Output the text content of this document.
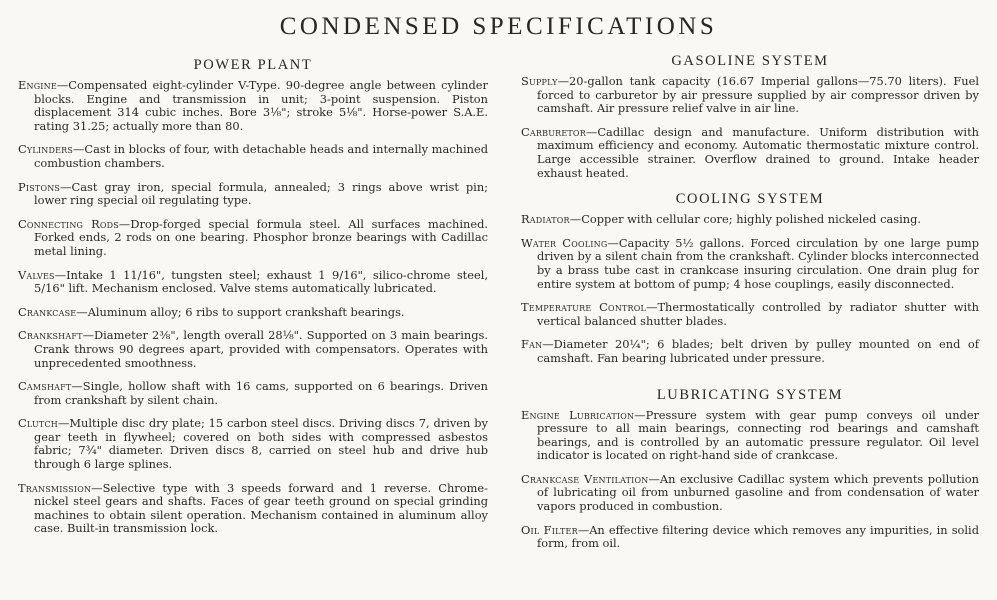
CONDENSED SPECIFICATIONS
POWER PLANT

Engine—Compensated eight-cylinder V-Type. 90-degree angle between cylinder blocks. Engine and transmission in unit; 3-point suspension. Piston displacement 314 cubic inches. Bore 3⅛"; stroke 5⅛". Horse-power S.A.E. rating 31.25; actually more than 80.

Cylinders—Cast in blocks of four, with detachable heads and internally machined combustion chambers.

Pistons—Cast gray iron, special formula, annealed; 3 rings above wrist pin; lower ring special oil regulating type.

Connecting Rods—Drop-forged special formula steel. All surfaces machined. Forked ends, 2 rods on one bearing. Phosphor bronze bearings with Cadillac metal lining.

Valves—Intake 1 11/16", tungsten steel; exhaust 1 9/16", silico-chrome steel, 5/16" lift. Mechanism enclosed. Valve stems automatically lubricated.

Crankcase—Aluminum alloy; 6 ribs to support crankshaft bearings.

Crankshaft—Diameter 2⅜", length overall 28⅛". Supported on 3 main bearings. Crank throws 90 degrees apart, provided with compensators. Operates with unprecedented smoothness.

Camshaft—Single, hollow shaft with 16 cams, supported on 6 bearings. Driven from crankshaft by silent chain.

Clutch—Multiple disc dry plate; 15 carbon steel discs. Driving discs 7, driven by gear teeth in flywheel; covered on both sides with compressed asbestos fabric; 7¾" diameter. Driven discs 8, carried on steel hub and drive hub through 6 large splines.

Transmission—Selective type with 3 speeds forward and 1 reverse. Chrome-nickel steel gears and shafts. Faces of gear teeth ground on special grinding machines to obtain silent operation. Mechanism contained in aluminum alloy case. Built-in transmission lock.

GASOLINE SYSTEM

Supply—20-gallon tank capacity (16.67 Imperial gallons—75.70 liters). Fuel forced to carburetor by air pressure supplied by air compressor driven by camshaft. Air pressure relief valve in air line.

Carburetor—Cadillac design and manufacture. Uniform distribution with maximum efficiency and economy. Automatic thermostatic mixture control. Large accessible strainer. Overflow drained to ground. Intake header exhaust heated.

COOLING SYSTEM

Radiator—Copper with cellular core; highly polished nickeled casing.

Water Cooling—Capacity 5½ gallons. Forced circulation by one large pump driven by a silent chain from the crankshaft. Cylinder blocks interconnected by a brass tube cast in crankcase insuring circulation. One drain plug for entire system at bottom of pump; 4 hose couplings, easily disconnected.

Temperature Control—Thermostatically controlled by radiator shutter with vertical balanced shutter blades.

Fan—Diameter 20¼"; 6 blades; belt driven by pulley mounted on end of camshaft. Fan bearing lubricated under pressure.

LUBRICATING SYSTEM

Engine Lubrication—Pressure system with gear pump conveys oil under pressure to all main bearings, connecting rod bearings and camshaft bearings, and is controlled by an automatic pressure regulator. Oil level indicator is located on right-hand side of crankcase.

Crankcase Ventilation—An exclusive Cadillac system which prevents pollution of lubricating oil from unburned gasoline and from condensation of water vapors produced in combustion.

Oil Filter—An effective filtering device which removes any impurities, in solid form, from oil.
